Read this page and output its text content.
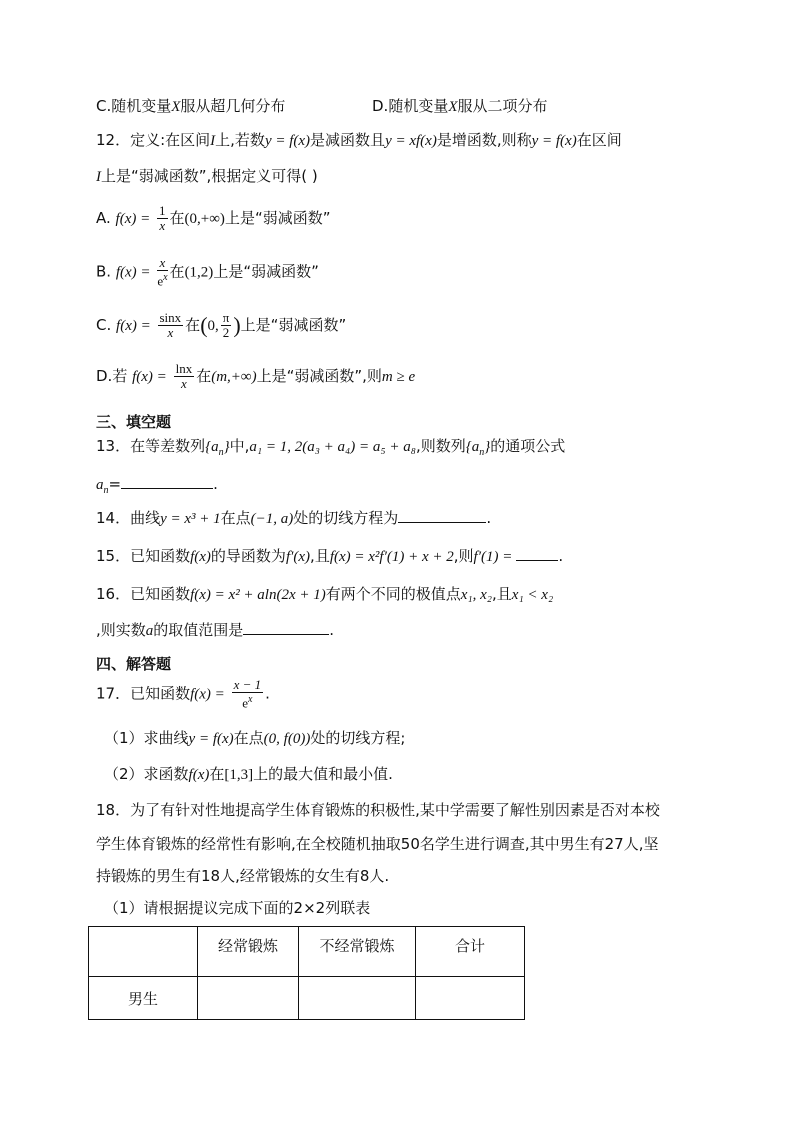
C.随机变量X服从超几何分布	D.随机变量X服从二项分布
12．定义:在区间I上,若数y = f(x)是减函数且y = xf(x)是增函数,则称y = f(x)在区间
I上是“弱减函数”,根据定义可得( )
A. $f(x) = \frac{1}{x}$ 在(0,+∞)上是“弱减函数”
B. $f(x) = \frac{x}{e^x}$ 在(1,2)上是“弱减函数”
C. $f(x) = \frac{\sin x}{x}$ 在(0, $\frac{\pi}{2}$ )上是“弱减函数”
D.若 $f(x) = \frac{\ln x}{x}$ 在(m,+∞)上是“弱减函数”,则m ≥ e
三、填空题
13．在等差数列$\{a_n\}$中,a₁ = 1, 2(a₃ + a₄) = a₅ + a₈,则数列$\{a_n\}$的通项公式
$a_n=$	.
14．曲线y = x³ + 1在点(−1, a)处的切线方程为	.
15．已知函数f(x)的导函数为f′(x),且f(x) = x²f′(1) + x + 2,则f′(1) =	.
16．已知函数f(x) = x² + aln(2x + 1)有两个不同的极值点x₁, x₂,且x₁ < x₂
,则实数a的取值范围是	.
四、解答题
17．已知函数$f(x) = \frac{x - 1}{e^x}$ .
（1）求曲线y = f(x)在点(0, f(0))处的切线方程;
（2）求函数f(x)在[1,3]上的最大值和最小值.
18．为了有针对性地提高学生体育锻炼的积极性,某中学需要了解性别因素是否对本校
学生体育锻炼的经常性有影响,在全校随机抽取50名学生进行调查,其中男生有27人,坚
持锻炼的男生有18人,经常锻炼的女生有8人.
（1）请根据提议完成下面的2×2列联表
	经常锻炼	不经常锻炼	合计
男生			
